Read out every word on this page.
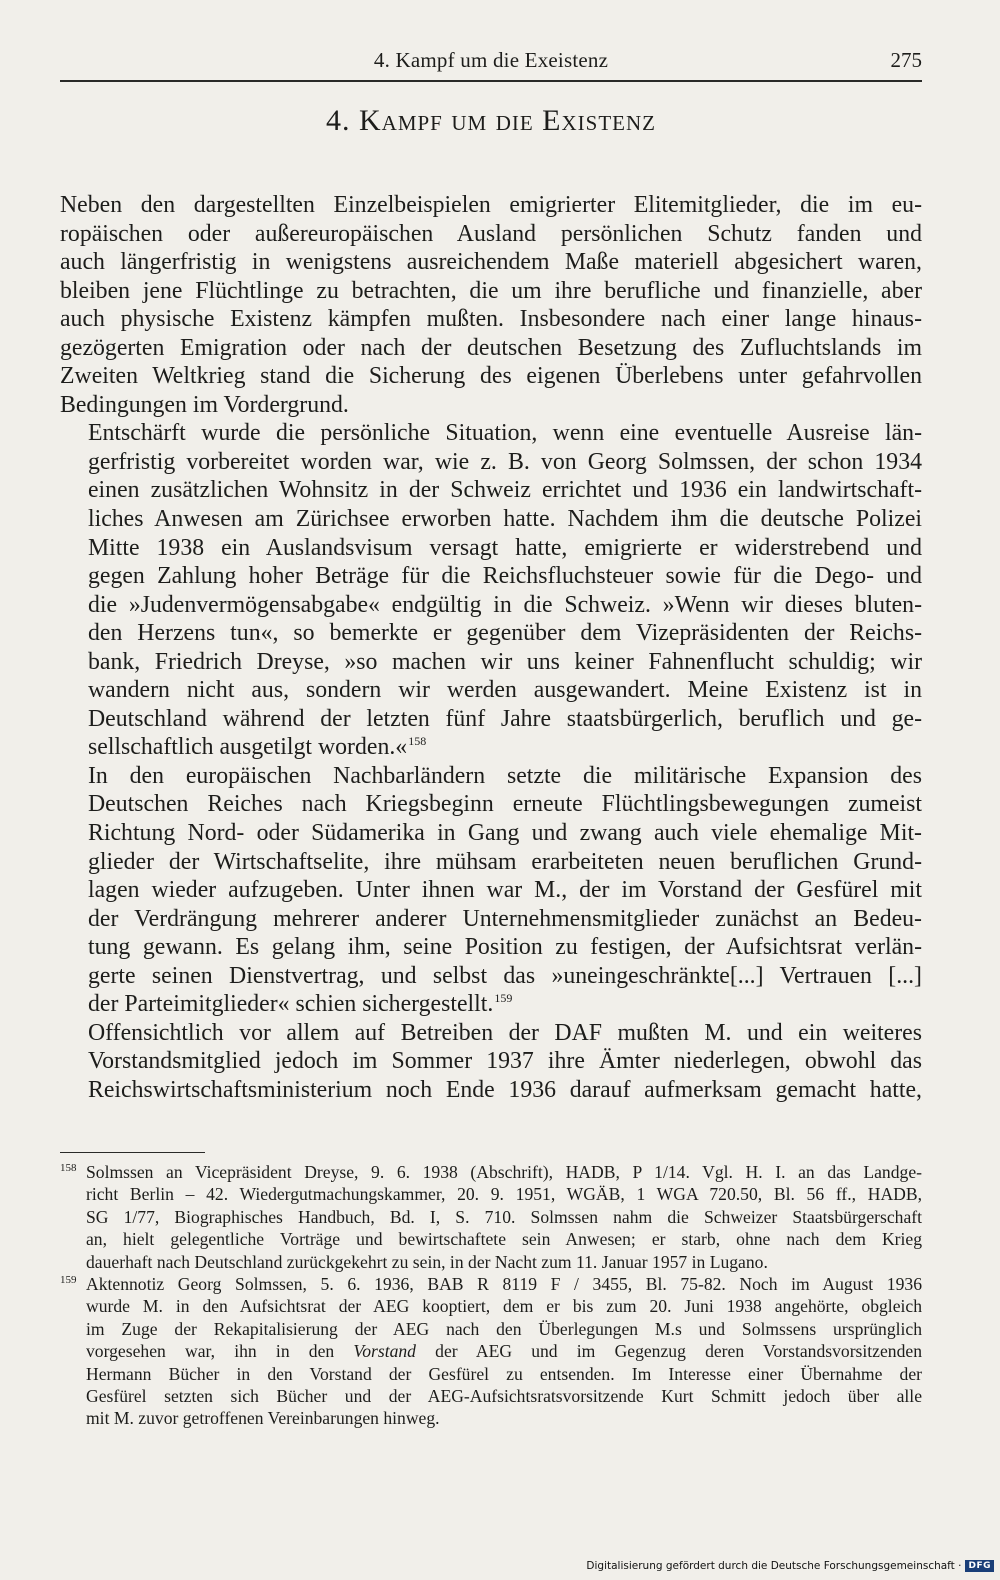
4. Kampf um die Exeistenz	275
4. Kampf um die Existenz

Neben den dargestellten Einzelbeispielen emigrierter Elitemitglieder, die im eu-
ropäischen oder außereuropäischen Ausland persönlichen Schutz fanden und
auch längerfristig in wenigstens ausreichendem Maße materiell abgesichert waren,
bleiben jene Flüchtlinge zu betrachten, die um ihre berufliche und finanzielle, aber
auch physische Existenz kämpfen mußten. Insbesondere nach einer lange hinaus-
gezögerten Emigration oder nach der deutschen Besetzung des Zufluchtslands im
Zweiten Weltkrieg stand die Sicherung des eigenen Überlebens unter gefahrvollen
Bedingungen im Vordergrund.

Entschärft wurde die persönliche Situation, wenn eine eventuelle Ausreise län-
gerfristig vorbereitet worden war, wie z. B. von Georg Solmssen, der schon 1934
einen zusätzlichen Wohnsitz in der Schweiz errichtet und 1936 ein landwirtschaft-
liches Anwesen am Zürichsee erworben hatte. Nachdem ihm die deutsche Polizei
Mitte 1938 ein Auslandsvisum versagt hatte, emigrierte er widerstrebend und
gegen Zahlung hoher Beträge für die Reichsfluchsteuer sowie für die Dego- und
die »Judenvermögensabgabe« endgültig in die Schweiz. »Wenn wir dieses bluten-
den Herzens tun«, so bemerkte er gegenüber dem Vizepräsidenten der Reichs-
bank, Friedrich Dreyse, »so machen wir uns keiner Fahnenflucht schuldig; wir
wandern nicht aus, sondern wir werden ausgewandert. Meine Existenz ist in
Deutschland während der letzten fünf Jahre staatsbürgerlich, beruflich und ge-
sellschaftlich ausgetilgt worden.«$^{158}$

In den europäischen Nachbarländern setzte die militärische Expansion des
Deutschen Reiches nach Kriegsbeginn erneute Flüchtlingsbewegungen zumeist
Richtung Nord- oder Südamerika in Gang und zwang auch viele ehemalige Mit-
glieder der Wirtschaftselite, ihre mühsam erarbeiteten neuen beruflichen Grund-
lagen wieder aufzugeben. Unter ihnen war M., der im Vorstand der Gesfürel mit
der Verdrängung mehrerer anderer Unternehmensmitglieder zunächst an Bedeu-
tung gewann. Es gelang ihm, seine Position zu festigen, der Aufsichtsrat verlän-
gerte seinen Dienstvertrag, und selbst das »uneingeschränkte[...] Vertrauen [...]
der Parteimitglieder« schien sichergestellt.$^{159}$

Offensichtlich vor allem auf Betreiben der DAF mußten M. und ein weiteres
Vorstandsmitglied jedoch im Sommer 1937 ihre Ämter niederlegen, obwohl das
Reichswirtschaftsministerium noch Ende 1936 darauf aufmerksam gemacht hatte,

158 Solmssen an Vicepräsident Dreyse, 9. 6. 1938 (Abschrift), HADB, P 1/14. Vgl. H. I. an das Landge-
richt Berlin – 42. Wiedergutmachungskammer, 20. 9. 1951, WGÄB, 1 WGA 720.50, Bl. 56 ff., HADB,
SG 1/77, Biographisches Handbuch, Bd. I, S. 710. Solmssen nahm die Schweizer Staatsbürgerschaft
an, hielt gelegentliche Vorträge und bewirtschaftete sein Anwesen; er starb, ohne nach dem Krieg
dauerhaft nach Deutschland zurückgekehrt zu sein, in der Nacht zum 11. Januar 1957 in Lugano.
159 Aktennotiz Georg Solmssen, 5. 6. 1936, BAB R 8119 F / 3455, Bl. 75-82. Noch im August 1936
wurde M. in den Aufsichtsrat der AEG kooptiert, dem er bis zum 20. Juni 1938 angehörte, obgleich
im Zuge der Rekapitalisierung der AEG nach den Überlegungen M.s und Solmssens ursprünglich
vorgesehen war, ihn in den Vorstand der AEG und im Gegenzug deren Vorstandsvorsitzenden
Hermann Bücher in den Vorstand der Gesfürel zu entsenden. Im Interesse einer Übernahme der
Gesfürel setzten sich Bücher und der AEG-Aufsichtsratsvorsitzende Kurt Schmitt jedoch über alle
mit M. zuvor getroffenen Vereinbarungen hinweg.
Digitalisierung gefördert durch die Deutsche Forschungsgemeinschaft · DFG
